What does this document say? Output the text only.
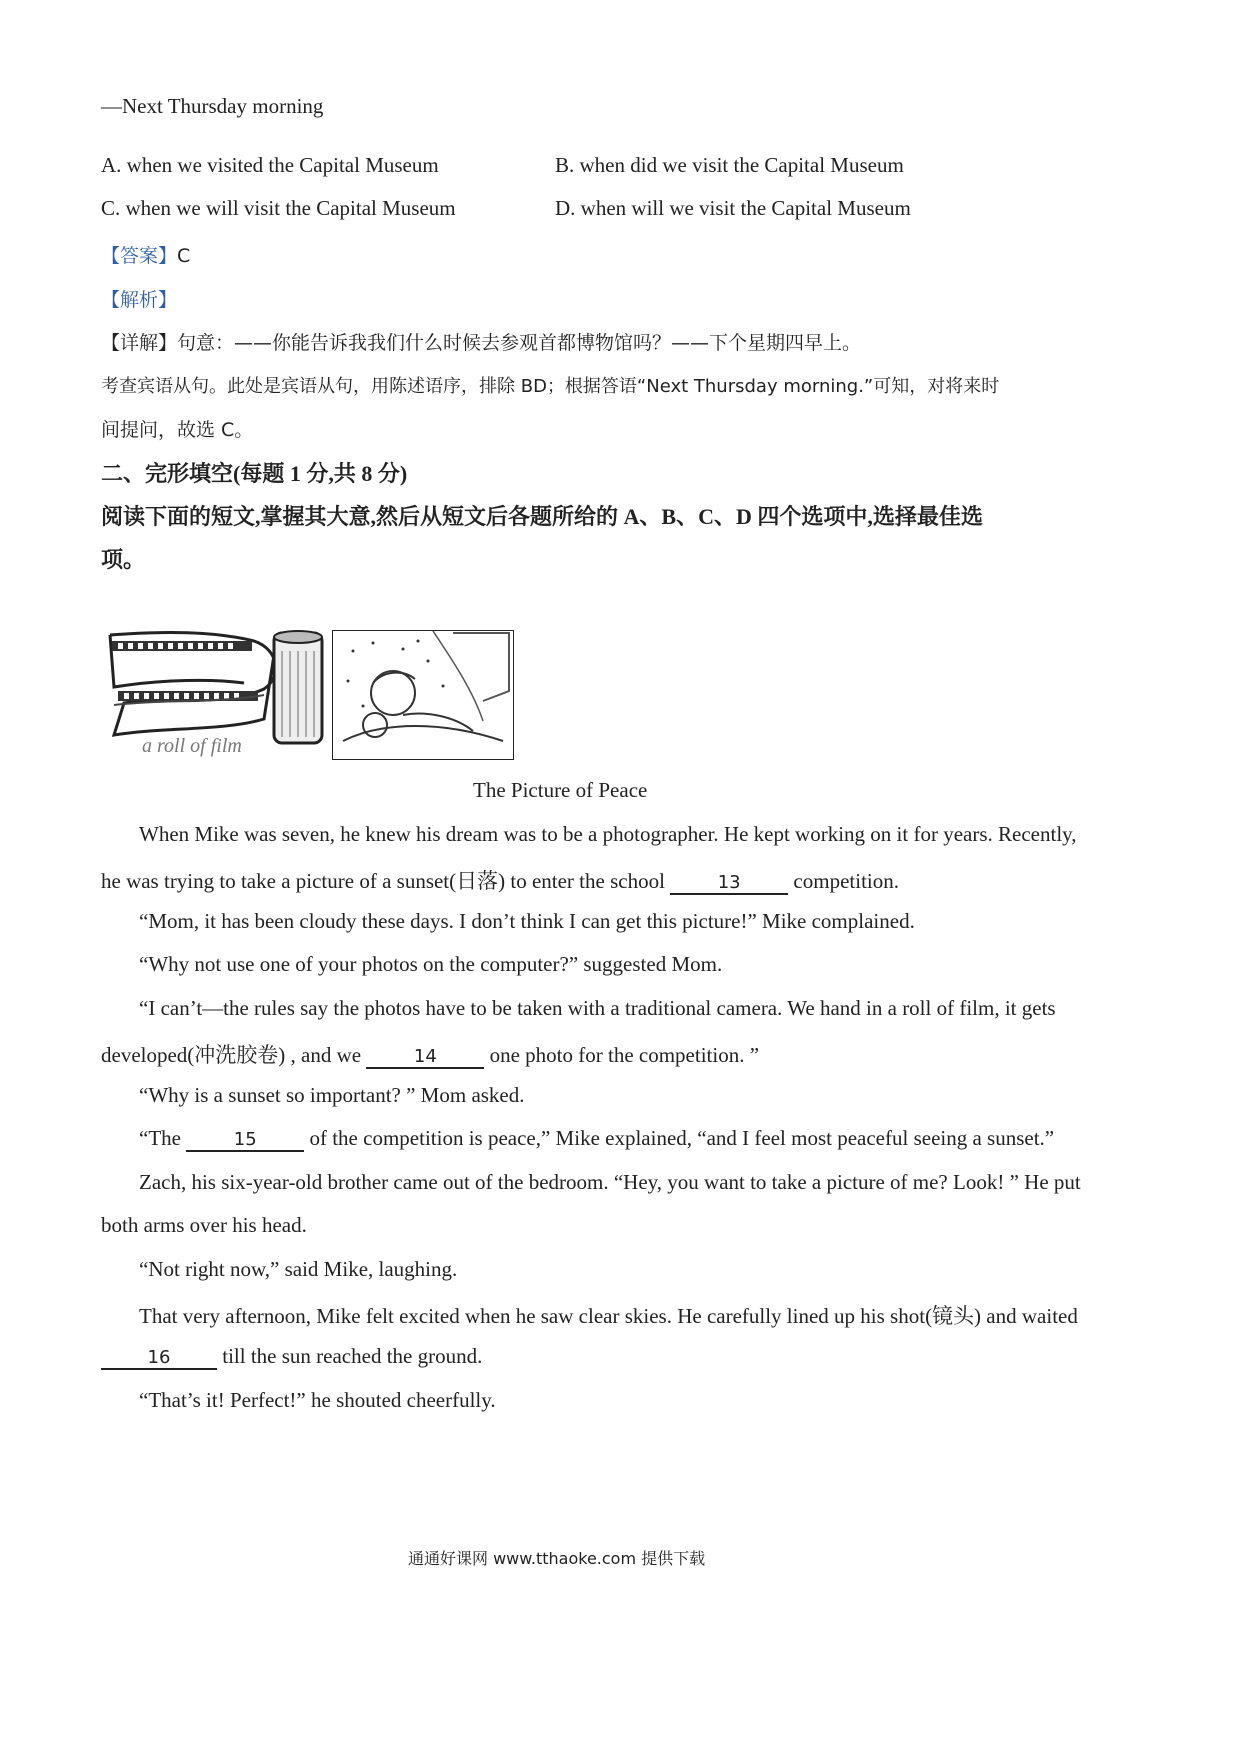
—Next Thursday morning
A. when we visited the Capital Museum	B. when did we visit the Capital Museum
C. when we will visit the Capital Museum	D. when will we visit the Capital Museum
【答案】C
【解析】
【详解】句意：——你能告诉我我们什么时候去参观首都博物馆吗？——下个星期四早上。
考查宾语从句。此处是宾语从句，用陈述语序，排除 BD；根据答语“Next Thursday morning.”可知，对将来时
间提问，故选 C。
二、完形填空(每题 1 分,共 8 分)
阅读下面的短文,掌握其大意,然后从短文后各题所给的 A、B、C、D 四个选项中,选择最佳选
项。
a roll of film
The Picture of Peace
When Mike was seven, he knew his dream was to be a photographer. He kept working on it for years. Recently,
he was trying to take a picture of a sunset(日落) to enter the school	13 competition.
“Mom, it has been cloudy these days. I don’t think I can get this picture!” Mike complained.
“Why not use one of your photos on the computer?” suggested Mom.
“I can’t—the rules say the photos have to be taken with a traditional camera. We hand in a roll of film, it gets
developed(冲洗胶卷) , and we	14 one photo for the competition. ”
“Why is a sunset so important? ” Mom asked.
“The	15 of the competition is peace,” Mike explained, “and I feel most peaceful seeing a sunset.”
Zach, his six-year-old brother came out of the bedroom. “Hey, you want to take a picture of me? Look! ” He put
both arms over his head.
“Not right now,” said Mike, laughing.
That very afternoon, Mike felt excited when he saw clear skies. He carefully lined up his shot(镜头) and waited
16 till the sun reached the ground.
“That’s it! Perfect!” he shouted cheerfully.
通通好课网 www.tthaoke.com 提供下载
